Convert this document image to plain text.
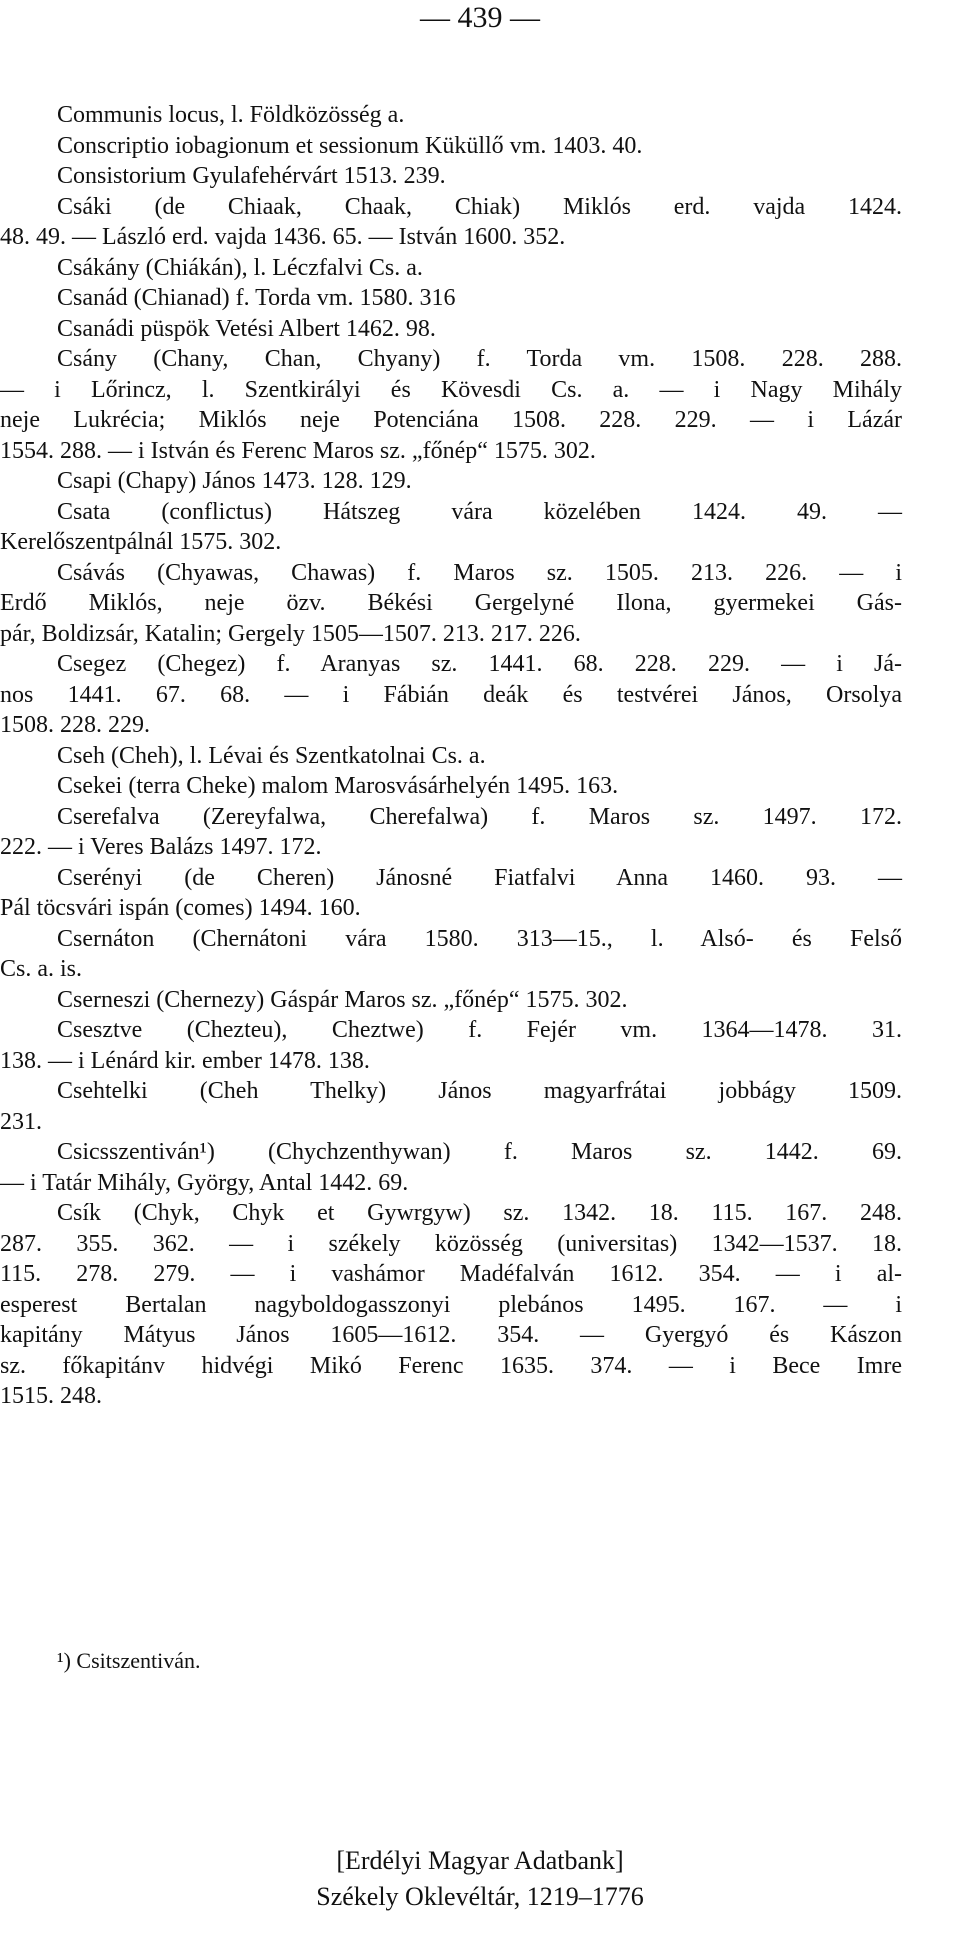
— 439 —
Communis locus, l. Földközösség a.
Conscriptio iobagionum et sessionum Küküllő vm. 1403. 40.
Consistorium Gyulafehérvárt 1513. 239.
Csáki (de Chiaak, Chaak, Chiak) Miklós erd. vajda 1424.
48. 49. — László erd. vajda 1436. 65. — István 1600. 352.
Csákány (Chiákán), l. Léczfalvi Cs. a.
Csanád (Chianad) f. Torda vm. 1580. 316
Csanádi püspök Vetési Albert 1462. 98.
Csány (Chany, Chan, Chyany) f. Torda vm. 1508. 228. 288.
— i Lőrincz, l. Szentkirályi és Kövesdi Cs. a. — i Nagy Mihály
neje Lukrécia; Miklós neje Potenciána 1508. 228. 229. — i Lázár
1554. 288. — i István és Ferenc Maros sz. „főnép“ 1575. 302.
Csapi (Chapy) János 1473. 128. 129.
Csata (conflictus) Hátszeg vára közelében 1424. 49. —
Kerelőszentpálnál 1575. 302.
Csávás (Chyawas, Chawas) f. Maros sz. 1505. 213. 226. — i
Erdő Miklós, neje özv. Békési Gergelyné Ilona, gyermekei Gás-
pár, Boldizsár, Katalin; Gergely 1505—1507. 213. 217. 226.
Csegez (Chegez) f. Aranyas sz. 1441. 68. 228. 229. — i Já-
nos 1441. 67. 68. — i Fábián deák és testvérei János, Orsolya
1508. 228. 229.
Cseh (Cheh), l. Lévai és Szentkatolnai Cs. a.
Csekei (terra Cheke) malom Marosvásárhelyén 1495. 163.
Cserefalva (Zereyfalwa, Cherefalwa) f. Maros sz. 1497. 172.
222. — i Veres Balázs 1497. 172.
Cserényi (de Cheren) Jánosné Fiatfalvi Anna 1460. 93. —
Pál töcsvári ispán (comes) 1494. 160.
Csernáton (Chernátoni vára 1580. 313—15., l. Alsó- és Felső
Cs. a. is.
Cserneszi (Chernezy) Gáspár Maros sz. „főnép“ 1575. 302.
Csesztve (Chezteu), Cheztwe) f. Fejér vm. 1364—1478. 31.
138. — i Lénárd kir. ember 1478. 138.
Csehtelki (Cheh Thelky) János magyarfrátai jobbágy 1509.
231.
Csicsszentiván¹) (Chychzenthywan) f. Maros sz. 1442. 69.
— i Tatár Mihály, György, Antal 1442. 69.
Csík (Chyk, Chyk et Gywrgyw) sz. 1342. 18. 115. 167. 248.
287. 355. 362. — i székely közösség (universitas) 1342—1537. 18.
115. 278. 279. — i vashámor Madéfalván 1612. 354. — i al-
esperest Bertalan nagyboldogasszonyi plebános 1495. 167. — i
kapitány Mátyus János 1605—1612. 354. — Gyergyó és Kászon
sz. főkapitánv hidvégi Mikó Ferenc 1635. 374. — i Bece Imre
1515. 248.
¹) Csitszentiván.
[Erdélyi Magyar Adatbank]
Székely Oklevéltár, 1219–1776
